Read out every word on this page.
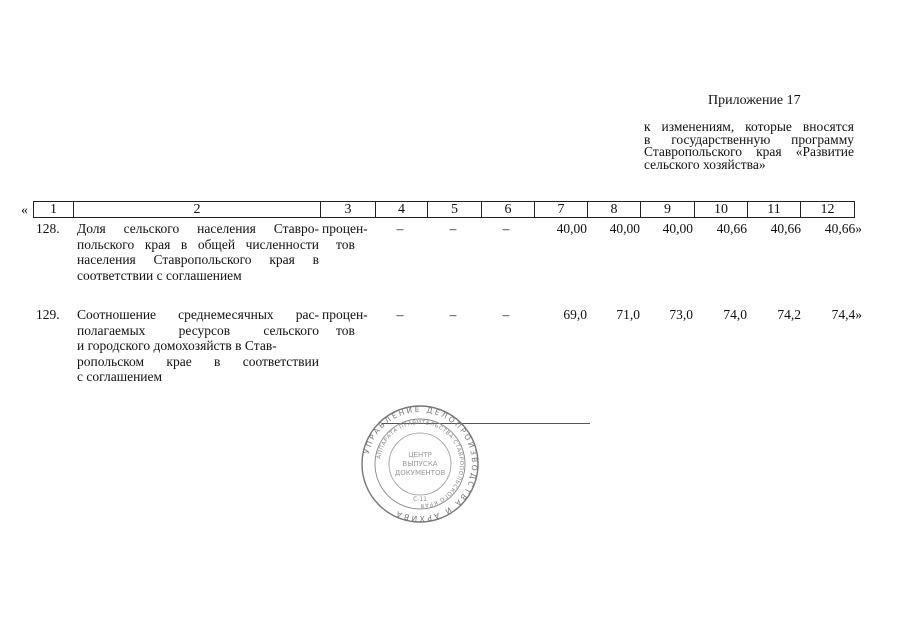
Приложение 17
к изменениям, которые вносятся
в государственную программу
Ставропольского края «Развитие
сельского хозяйства»
«	1	2	3	4	5	6	7	8	9	10	11	12
128. Доля сельского населения Ставро-
польского края в общей численности
населения Ставропольского края в
соответствии с соглашением
процен-
тов
–	–	–	40,00	40,00	40,00	40,66	40,66	40,66»
129. Соотношение среднемесячных рас-
полагаемых ресурсов сельского
и городского домохозяйств в Став-
ропольском крае в соответствии
с соглашением
процен-
тов
–	–	–	69,0	71,0	73,0	74,0	74,2	74,4»
УПРАВЛЕНИЕ ДЕЛОПРОИЗВОДСТВА И АРХИВА
АППАРАТА ПРАВИТЕЛЬСТВА СТАВРОПОЛЬСКОГО КРАЯ
ЦЕНТР
ВЫПУСКА
ДОКУМЕНТОВ
С-11
